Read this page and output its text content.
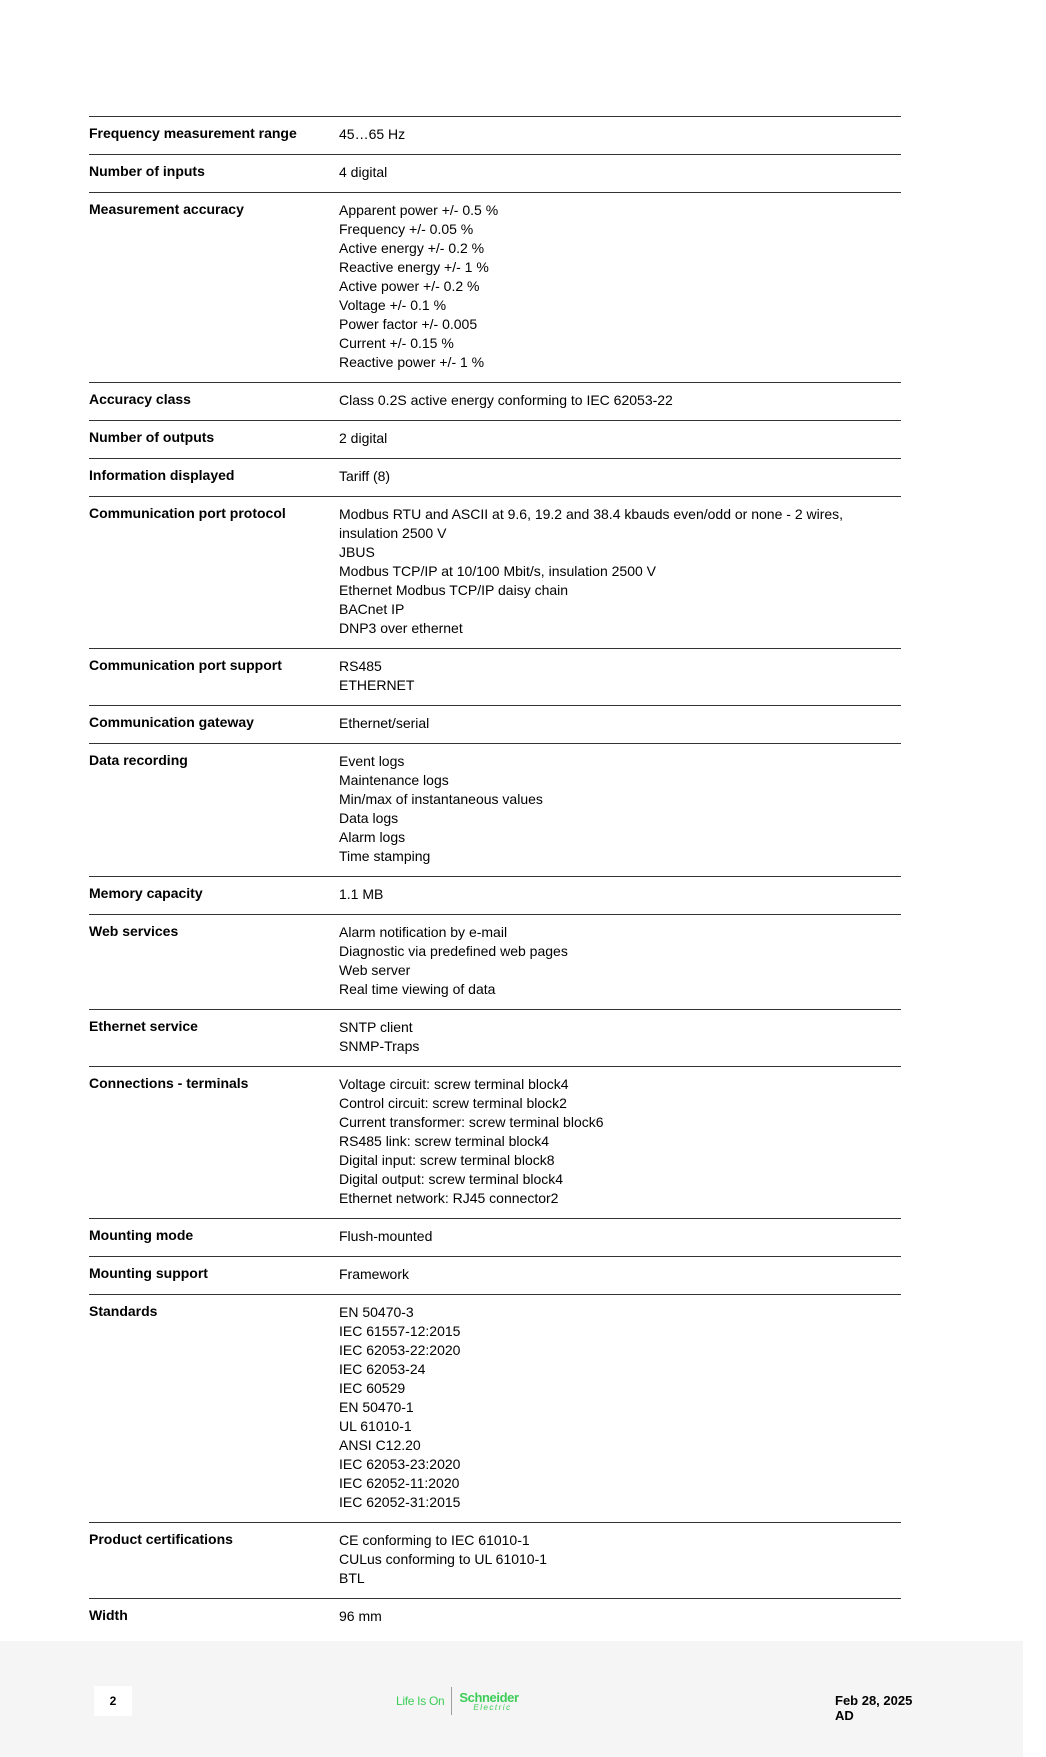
Frequency measurement range	45…65 Hz
Number of inputs	4 digital
Measurement accuracy	Apparent power +/- 0.5 %
Frequency +/- 0.05 %
Active energy +/- 0.2 %
Reactive energy +/- 1 %
Active power +/- 0.2 %
Voltage +/- 0.1 %
Power factor +/- 0.005
Current +/- 0.15 %
Reactive power +/- 1 %
Accuracy class	Class 0.2S active energy conforming to IEC 62053-22
Number of outputs	2 digital
Information displayed	Tariff (8)
Communication port protocol	Modbus RTU and ASCII at 9.6, 19.2 and 38.4 kbauds even/odd or none - 2 wires, insulation 2500 V
JBUS
Modbus TCP/IP at 10/100 Mbit/s, insulation 2500 V
Ethernet Modbus TCP/IP daisy chain
BACnet IP
DNP3 over ethernet
Communication port support	RS485
ETHERNET
Communication gateway	Ethernet/serial
Data recording	Event logs
Maintenance logs
Min/max of instantaneous values
Data logs
Alarm logs
Time stamping
Memory capacity	1.1 MB
Web services	Alarm notification by e-mail
Diagnostic via predefined web pages
Web server
Real time viewing of data
Ethernet service	SNTP client
SNMP-Traps
Connections - terminals	Voltage circuit: screw terminal block4
Control circuit: screw terminal block2
Current transformer: screw terminal block6
RS485 link: screw terminal block4
Digital input: screw terminal block8
Digital output: screw terminal block4
Ethernet network: RJ45 connector2
Mounting mode	Flush-mounted
Mounting support	Framework
Standards	EN 50470-3
IEC 61557-12:2015
IEC 62053-22:2020
IEC 62053-24
IEC 60529
EN 50470-1
UL 61010-1
ANSI C12.20
IEC 62053-23:2020
IEC 62052-11:2020
IEC 62052-31:2015
Product certifications	CE conforming to IEC 61010-1
CULus conforming to UL 61010-1
BTL
Width	96 mm
2	Life Is On	Schneider
Electric	Feb 28, 2025
AD
